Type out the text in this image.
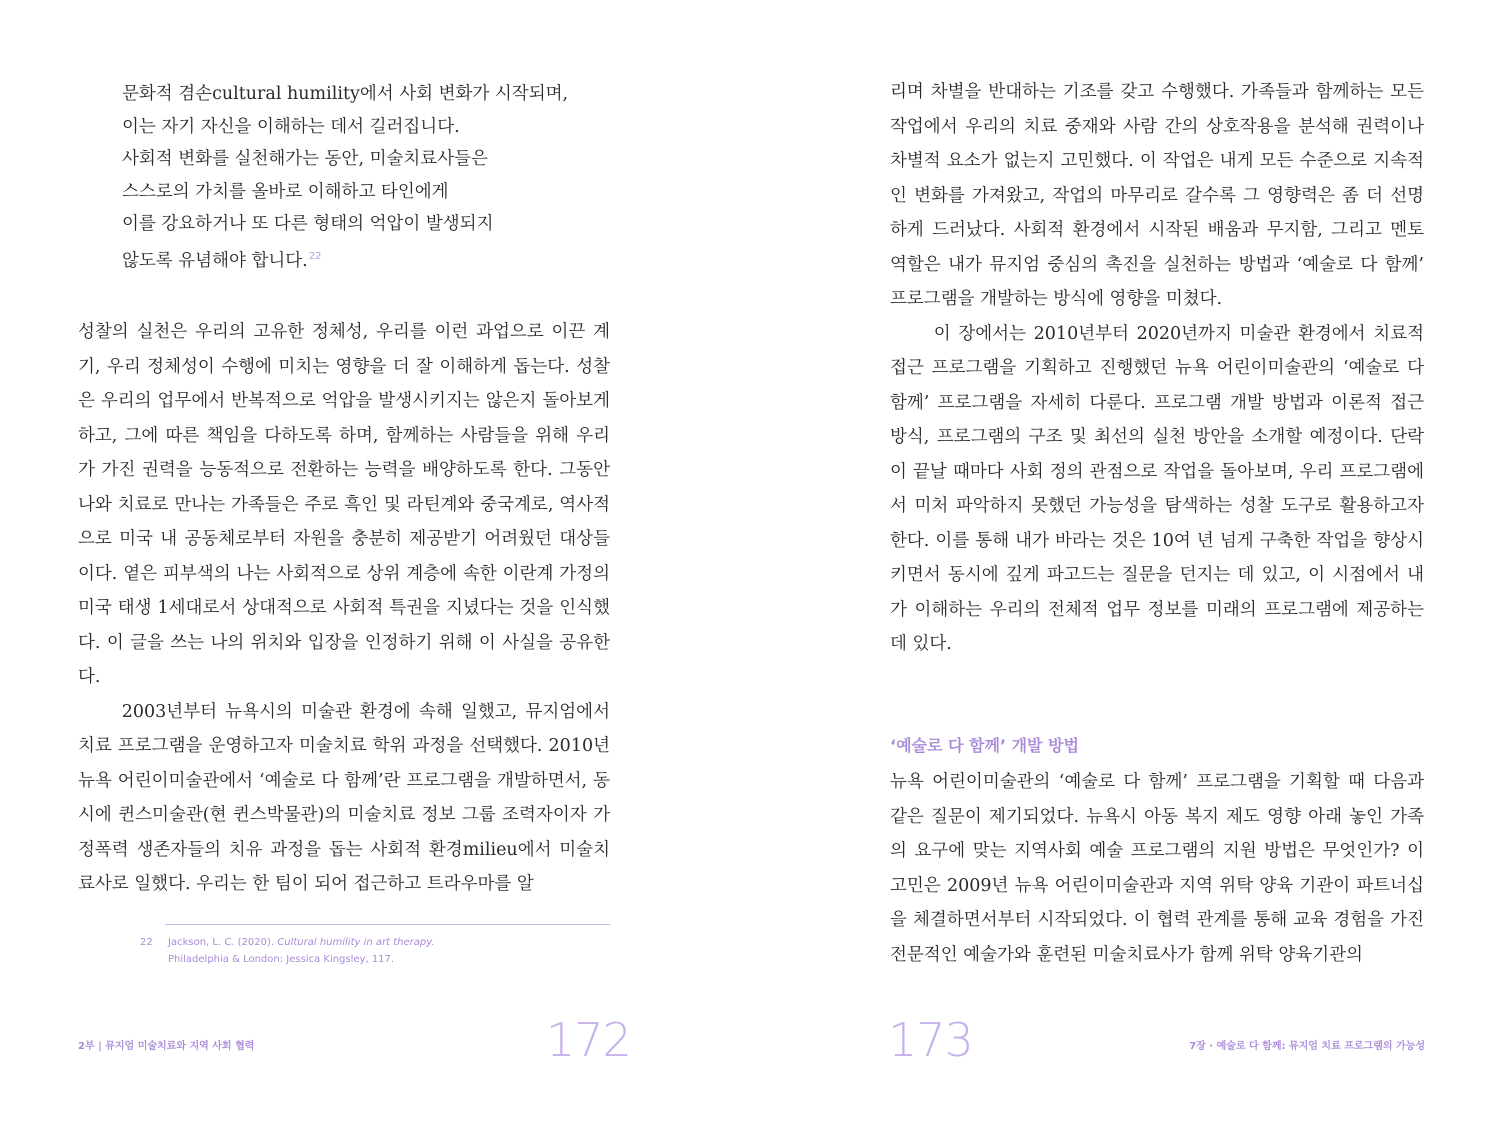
문화적 겸손cultural humility에서 사회 변화가 시작되며,

이는 자기 자신을 이해하는 데서 길러집니다.

사회적 변화를 실천해가는 동안, 미술치료사들은

스스로의 가치를 올바로 이해하고 타인에게

이를 강요하거나 또 다른 형태의 억압이 발생되지

않도록 유념해야 합니다.$^{22}$

성찰의 실천은 우리의 고유한 정체성, 우리를 이런 과업으로 이끈 계기, 우리 정체성이 수행에 미치는 영향을 더 잘 이해하게 돕는다. 성찰은 우리의 업무에서 반복적으로 억압을 발생시키지는 않은지 돌아보게 하고, 그에 따른 책임을 다하도록 하며, 함께하는 사람들을 위해 우리가 가진 권력을 능동적으로 전환하는 능력을 배양하도록 한다. 그동안 나와 치료로 만나는 가족들은 주로 흑인 및 라틴계와 중국계로, 역사적으로 미국 내 공동체로부터 자원을 충분히 제공받기 어려웠던 대상들이다. 옅은 피부색의 나는 사회적으로 상위 계층에 속한 이란계 가정의 미국 태생 1세대로서 상대적으로 사회적 특권을 지녔다는 것을 인식했다. 이 글을 쓰는 나의 위치와 입장을 인정하기 위해 이 사실을 공유한다.

2003년부터 뉴욕시의 미술관 환경에 속해 일했고, 뮤지엄에서 치료 프로그램을 운영하고자 미술치료 학위 과정을 선택했다. 2010년 뉴욕 어린이미술관에서 ‘예술로 다 함께’란 프로그램을 개발하면서, 동시에 퀸스미술관(현 퀸스박물관)의 미술치료 정보 그룹 조력자이자 가정폭력 생존자들의 치유 과정을 돕는 사회적 환경milieu에서 미술치료사로 일했다. 우리는 한 팀이 되어 접근하고 트라우마를 알

22 Jackson, L. C. (2020). Cultural humility in art therapy.
Philadelphia & London: Jessica Kingsley, 117.

2부 | 뮤지엄 미술치료와 지역 사회 협력	172

리며 차별을 반대하는 기조를 갖고 수행했다. 가족들과 함께하는 모든 작업에서 우리의 치료 중재와 사람 간의 상호작용을 분석해 권력이나 차별적 요소가 없는지 고민했다. 이 작업은 내게 모든 수준으로 지속적인 변화를 가져왔고, 작업의 마무리로 갈수록 그 영향력은 좀 더 선명하게 드러났다. 사회적 환경에서 시작된 배움과 무지함, 그리고 멘토 역할은 내가 뮤지엄 중심의 촉진을 실천하는 방법과 ‘예술로 다 함께’ 프로그램을 개발하는 방식에 영향을 미쳤다.

이 장에서는 2010년부터 2020년까지 미술관 환경에서 치료적 접근 프로그램을 기획하고 진행했던 뉴욕 어린이미술관의 ‘예술로 다 함께’ 프로그램을 자세히 다룬다. 프로그램 개발 방법과 이론적 접근 방식, 프로그램의 구조 및 최선의 실천 방안을 소개할 예정이다. 단락이 끝날 때마다 사회 정의 관점으로 작업을 돌아보며, 우리 프로그램에서 미처 파악하지 못했던 가능성을 탐색하는 성찰 도구로 활용하고자 한다. 이를 통해 내가 바라는 것은 10여 년 넘게 구축한 작업을 향상시키면서 동시에 깊게 파고드는 질문을 던지는 데 있고, 이 시점에서 내가 이해하는 우리의 전체적 업무 정보를 미래의 프로그램에 제공하는 데 있다.

‘예술로 다 함께’ 개발 방법

뉴욕 어린이미술관의 ‘예술로 다 함께’ 프로그램을 기획할 때 다음과 같은 질문이 제기되었다. 뉴욕시 아동 복지 제도 영향 아래 놓인 가족의 요구에 맞는 지역사회 예술 프로그램의 지원 방법은 무엇인가? 이 고민은 2009년 뉴욕 어린이미술관과 지역 위탁 양육 기관이 파트너십을 체결하면서부터 시작되었다. 이 협력 관계를 통해 교육 경험을 가진 전문적인 예술가와 훈련된 미술치료사가 함께 위탁 양육기관의

173	7장 · 예술로 다 함께: 뮤지엄 치료 프로그램의 가능성
